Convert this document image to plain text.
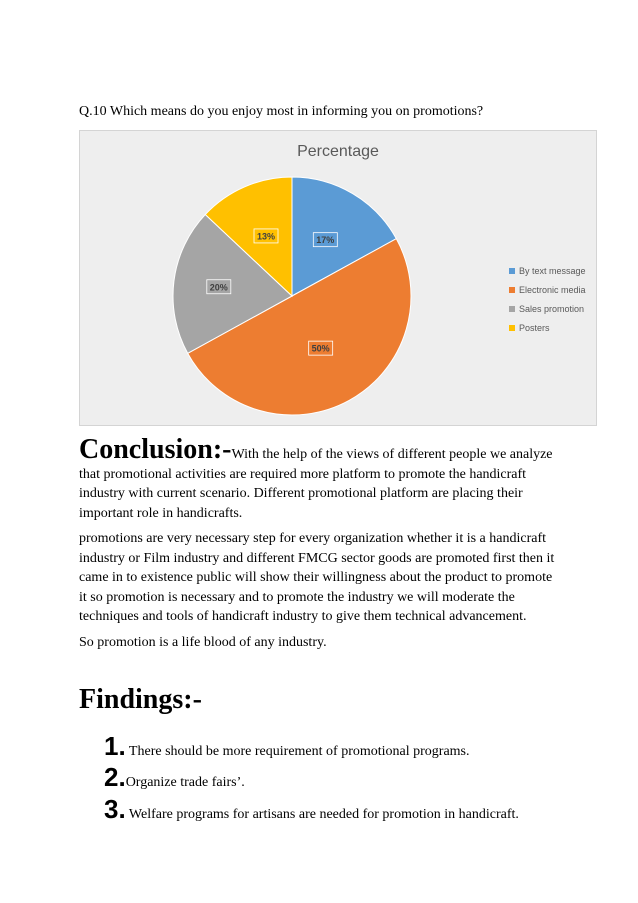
Q.10 Which means do you enjoy most in informing you on promotions?
Percentage
17%
50%
20%
13%
By text message
Electronic media
Sales promotion
Posters
Conclusion:-With the help of the views of different people we analyze that promotional activities are required more platform to promote the handicraft industry with current scenario. Different promotional platform are placing their important role in handicrafts.
promotions are very necessary step for every organization whether it is a handicraft industry or Film industry and different FMCG sector goods are promoted first then it came in to existence public will show their willingness about the product to promote it so promotion is necessary and to promote the industry we will moderate the techniques and tools of handicraft industry to give them technical advancement.
So promotion is a life blood of any industry.
Findings:-
1. There should be more requirement of promotional programs.
2.Organize trade fairs’.
3. Welfare programs for artisans are needed for promotion in handicraft.
